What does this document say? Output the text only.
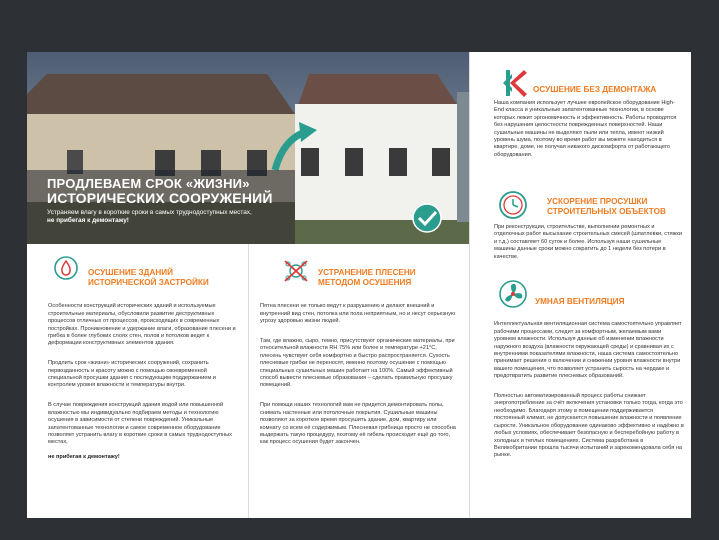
ПРОДЛЕВАЕМ СРОК «ЖИЗНИ»
ИСТОРИЧЕСКИХ СООРУЖЕНИЙ
Устраняем влагу в короткие сроки в самых труднодоступных местах,
не прибегая к демонтажу!
ОСУШЕНИЕ ЗДАНИЙ ИСТОРИЧЕСКОЙ ЗАСТРОЙКИ

Особенности конструкций исторических зданий и используемые строительные материалы, обусловили развитие деструктивных процессов отличных от процессов, происходящих в современных постройках. Проникновение и удержание влаги, образование плесени и грибка в более глубоких слоях стен, полов и потолков ведет к деформации конструктивных элементов здания.

Продлить срок «жизни» исторических сооружений, сохранить первозданность и красоту можно с помощью своевременной специальной просушки здания с последующим поддержанием и контролем уровня влажности и температуры внутри.

В случае повреждения конструкций здания водой или повышенной влажностью мы индивидуально подбираем методы и технологию осушения в зависимости от степени повреждений. Уникальные запатентованные технологии и самое современное оборудование позволяет устранить влагу в короткие сроки в самых труднодоступных местах,

не прибегая к демонтажу!

УСТРАНЕНИЕ ПЛЕСЕНИ МЕТОДОМ ОСУШЕНИЯ

Пятна плесени не только ведут к разрушению и делают внешний и внутренний вид стен, потолка или пола неприятным, но и несут серьезную угрозу здоровью жизни людей.

Там, где влажно, сыро, темно, присутствуют органические материалы, при относительной влажности RH 75% или более и температуре +21°С, плесень чувствует себя комфортно и быстро распространяется. Сухость плесневые грибки не переносят, именно поэтому осушение с помощью специальных сушильных машин работает на 100%. Самый эффективный способ вывести плесневые образования – сделать правильную просушку помещений.

При помощи наших технологий вам не придется демонтировать полы, снимать настенные или потолочные покрытия. Сушильные машины позволяют за короткое время просушить здание, дом, квартиру или комнату со всем её содержимым. Плесневая грибница просто не способна выдержать такую процедуру, поэтому её гибель происходит ещё до того, как процесс осушения будет закончен.

ОСУШЕНИЕ БЕЗ ДЕМОНТАЖА
Наша компания использует лучшее европейское оборудование High-End класса и уникальные запатентованные технологии, в основе которых лежит эргономичность и эффективность. Работы проводятся без нарушения целостности поврежденных поверхностей. Наши сушильные машины не выделяют пыли или тепла, имеют низкий уровень шума, поэтому во время работ вы можете находиться в квартире, доме, не получая никакого дискомфорта от работающего оборудования.
УСКОРЕНИЕ ПРОСУШКИ СТРОИТЕЛЬНЫХ ОБЪЕКТОВ
При реконструкции, строительстве, выполнении ремонтных и отделочных работ высыхание строительных смесей (шпатлевки, стяжки и т.д.) составляет 60 суток и более. Используя наши сушильные машины данные сроки можно сократить до 1 недели без потери в качестве.
УМНАЯ ВЕНТИЛЯЦИЯ

Интеллектуальная вентиляционная система самостоятельно управляет рабочими процессами, следит за комфортным, желаемым вами уровнем влажности. Используя данные об изменении влажности наружного воздуха (влажности окружающей среды) и сравнивая их с внутренними показателями влажности, наша система самостоятельно принимает решения о включении и снижении уровня влажности внутри вашего помещения, что позволяет устранить сырость на чердаке и предотвратить развитие плесневых образований.

Полностью автоматизированный процесс работы снижает энергопотребление за счёт включения установки только тогда, когда это необходимо. Благодаря этому в помещении поддерживается постоянный климат, не допускается повышение влажности и появление сырости. Уникальное оборудование одинаково эффективно и надёжно в любых условиях, обеспечивает безопасную и бесперебойную работу в холодных и теплых помещениях. Система разработана в Великобритании прошла тысячи испытаний и зарекомендовала себя на рынке.
